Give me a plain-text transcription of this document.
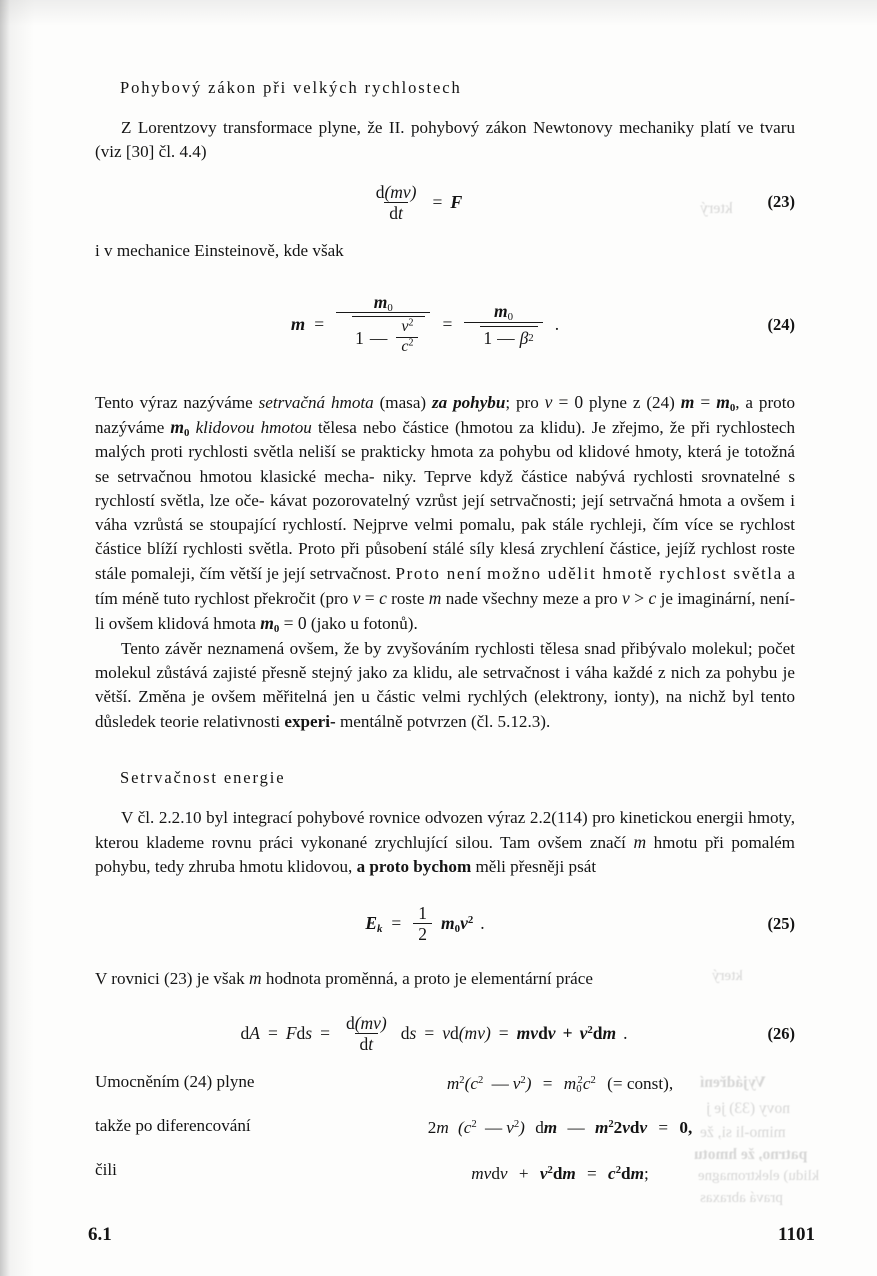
který
který
Vyjádření
novy (33) je j
mimo-li si, že
patrno, že hmotu
klidu) elektromagne
pravá abraxas
Pohybový zákon při velkých rychlostech

Z Lorentzovy transformace plyne, že II. pohybový zákon Newtonovy mechaniky platí ve tvaru (viz [30] čl. 4.4)

$\frac{d(mv)}{dt} = F$	(23)

i v mechanice Einsteinově, kde však

m =
$m_0$
1 — $\frac{v^2}{c^2} = \frac{m_0}{1 — \beta 2}$ .	(24)

Tento výraz nazýváme setrvačná hmota (masa) za pohybu; pro v = 0 plyne z (24) $m = m_0$, a proto nazýváme $m_0$ klidovou hmotou tělesa nebo částice (hmotou za klidu). Je zřejmo, že při rychlostech malých proti rychlosti světla neliší se prakticky hmota za pohybu od klidové hmoty, která je totožná se setrvačnou hmotou klasické mecha- niky. Teprve když částice nabývá rychlosti srovnatelné s rychlostí světla, lze oče- kávat pozorovatelný vzrůst její setrvačnosti; její setrvačná hmota a ovšem i váha vzrůstá se stoupající rychlostí. Nejprve velmi pomalu, pak stále rychleji, čím více se rychlost částice blíží rychlosti světla. Proto při působení stálé síly klesá zrychlení částice, jejíž rychlost roste stále pomaleji, čím větší je její setrvačnost. Proto není možno udělit hmotě rychlost světla a tím méně tuto rychlost překročit (pro v = c roste m nade všechny meze a pro v > c je imaginární, není-li ovšem klidová hmota $m_0 = 0$ (jako u fotonů).

Tento závěr neznamená ovšem, že by zvyšováním rychlosti tělesa snad přibývalo molekul; počet molekul zůstává zajisté přesně stejný jako za klidu, ale setrvačnost i váha každé z nich za pohybu je větší. Změna je ovšem měřitelná jen u částic velmi rychlých (elektrony, ionty), na nichž byl tento důsledek teorie relativnosti experi- mentálně potvrzen (čl. 5.12.3).

Setrvačnost energie

V čl. 2.2.10 byl integrací pohybové rovnice odvozen výraz 2.2(114) pro kinetickou energii hmoty, kterou klademe rovnu práci vykonané zrychlující silou. Tam ovšem značí m hmotu při pomalém pohybu, tedy zhruba hmotu klidovou, a proto bychom měli přesněji psát

$E_k = \frac{1}{2} m_0v^2$ .	(25)

V rovnici (23) je však m hodnota proměnná, a proto je elementární práce

dA = Fds = $\frac{d(mv)}{dt}$ ds = vd(mv) = mvdv + $v^2dm$ .	(26)
Umocněním (24) plyne	$m^2(c^2$ — $v^2) = m_0^2c^2$ (= const),
takže po diferencování	2m ($c^2$ — $v^2$) dm — $m^22vdv = 0$,
čili	mvdv + $v^2dm = c^2dm$;
6.1	1101
